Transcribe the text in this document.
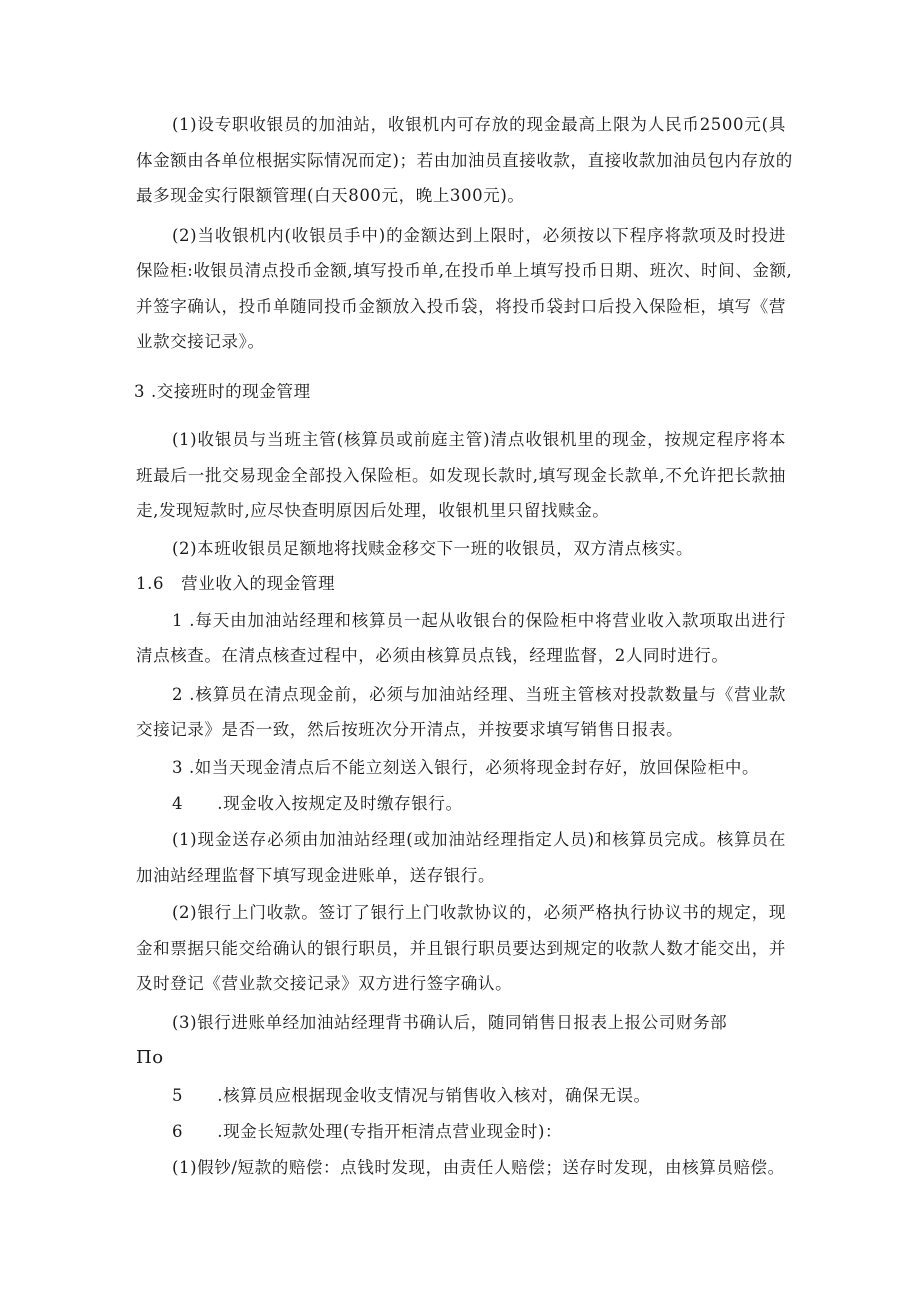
(1)设专职收银员的加油站，收银机内可存放的现金最高上限为人民币2500元(具
体金额由各单位根据实际情况而定)；若由加油员直接收款，直接收款加油员包内存放的
最多现金实行限额管理(白天800元，晚上300元)。
(2)当收银机内(收银员手中)的金额达到上限时，必须按以下程序将款项及时投进
保险柜:收银员清点投币金额,填写投币单,在投币单上填写投币日期、班次、时间、金额,
并签字确认，投币单随同投币金额放入投币袋，将投币袋封口后投入保险柜，填写《营
业款交接记录》。
3 .交接班时的现金管理
(1)收银员与当班主管(核算员或前庭主管)清点收银机里的现金，按规定程序将本
班最后一批交易现金全部投入保险柜。如发现长款时,填写现金长款单,不允许把长款抽
走,发现短款时,应尽快查明原因后处理，收银机里只留找赎金。
(2)本班收银员足额地将找赎金移交下一班的收银员，双方清点核实。
1.6　营业收入的现金管理
1 .每天由加油站经理和核算员一起从收银台的保险柜中将营业收入款项取出进行
清点核查。在清点核查过程中，必须由核算员点钱，经理监督，2人同时进行。
2 .核算员在清点现金前，必须与加油站经理、当班主管核对投款数量与《营业款
交接记录》是否一致，然后按班次分开清点，并按要求填写销售日报表。
3 .如当天现金清点后不能立刻送入银行，必须将现金封存好，放回保险柜中。
4　　.现金收入按规定及时缴存银行。
(1)现金送存必须由加油站经理(或加油站经理指定人员)和核算员完成。核算员在
加油站经理监督下填写现金进账单，送存银行。
(2)银行上门收款。签订了银行上门收款协议的，必须严格执行协议书的规定，现
金和票据只能交给确认的银行职员，并且银行职员要达到规定的收款人数才能交出，并
及时登记《营业款交接记录》双方进行签字确认。
(3)银行进账单经加油站经理背书确认后，随同销售日报表上报公司财务部
Πo
5　　.核算员应根据现金收支情况与销售收入核对，确保无误。
6　　.现金长短款处理(专指开柜清点营业现金时)：
(1)假钞/短款的赔偿：点钱时发现，由责任人赔偿；送存时发现，由核算员赔偿。
